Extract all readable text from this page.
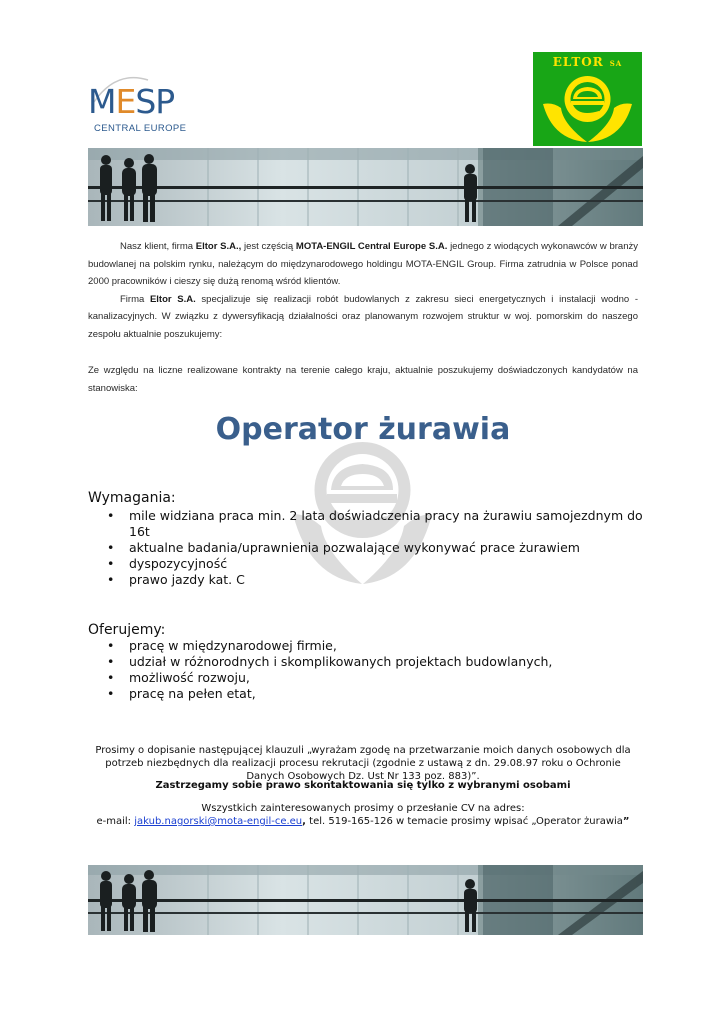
MESP
CENTRAL EUROPE
ELTOR SA
Nasz klient, firma Eltor S.A., jest częścią MOTA-ENGIL Central Europe S.A. jednego z wiodących wykonawców w branży budowlanej na polskim rynku, należącym do międzynarodowego holdingu MOTA-ENGIL Group. Firma zatrudnia w Polsce ponad 2000 pracowników i cieszy się dużą renomą wśród klientów.
Firma Eltor S.A. specjalizuje się realizacji robót budowlanych z zakresu sieci energetycznych i instalacji wodno - kanalizacyjnych. W związku z dywersyfikacją działalności oraz planowanym rozwojem struktur w woj. pomorskim do naszego zespołu aktualnie poszukujemy:
Ze względu na liczne realizowane kontrakty na terenie całego kraju, aktualnie poszukujemy doświadczonych kandydatów na stanowiska:
Operator żurawia
Wymagania:
• mile widziana praca min. 2 lata doświadczenia pracy na żurawiu samojezdnym do 16t
• aktualne badania/uprawnienia pozwalające wykonywać prace żurawiem
• dyspozycyjność
• prawo jazdy kat. C
Oferujemy:
• pracę w międzynarodowej firmie,
• udział w różnorodnych i skomplikowanych projektach budowlanych,
• możliwość rozwoju,
• pracę na pełen etat,
Prosimy o dopisanie następującej klauzuli „wyrażam zgodę na przetwarzanie moich danych osobowych dla potrzeb niezbędnych dla realizacji procesu rekrutacji (zgodnie z ustawą z dn. 29.08.97 roku o Ochronie Danych Osobowych Dz. Ust Nr 133 poz. 883)”.
Zastrzegamy sobie prawo skontaktowania się tylko z wybranymi osobami
Wszystkich zainteresowanych prosimy o przesłanie CV na adres:
e-mail: jakub.nagorski@mota-engil-ce.eu, tel. 519-165-126 w temacie prosimy wpisać „Operator żurawia”
